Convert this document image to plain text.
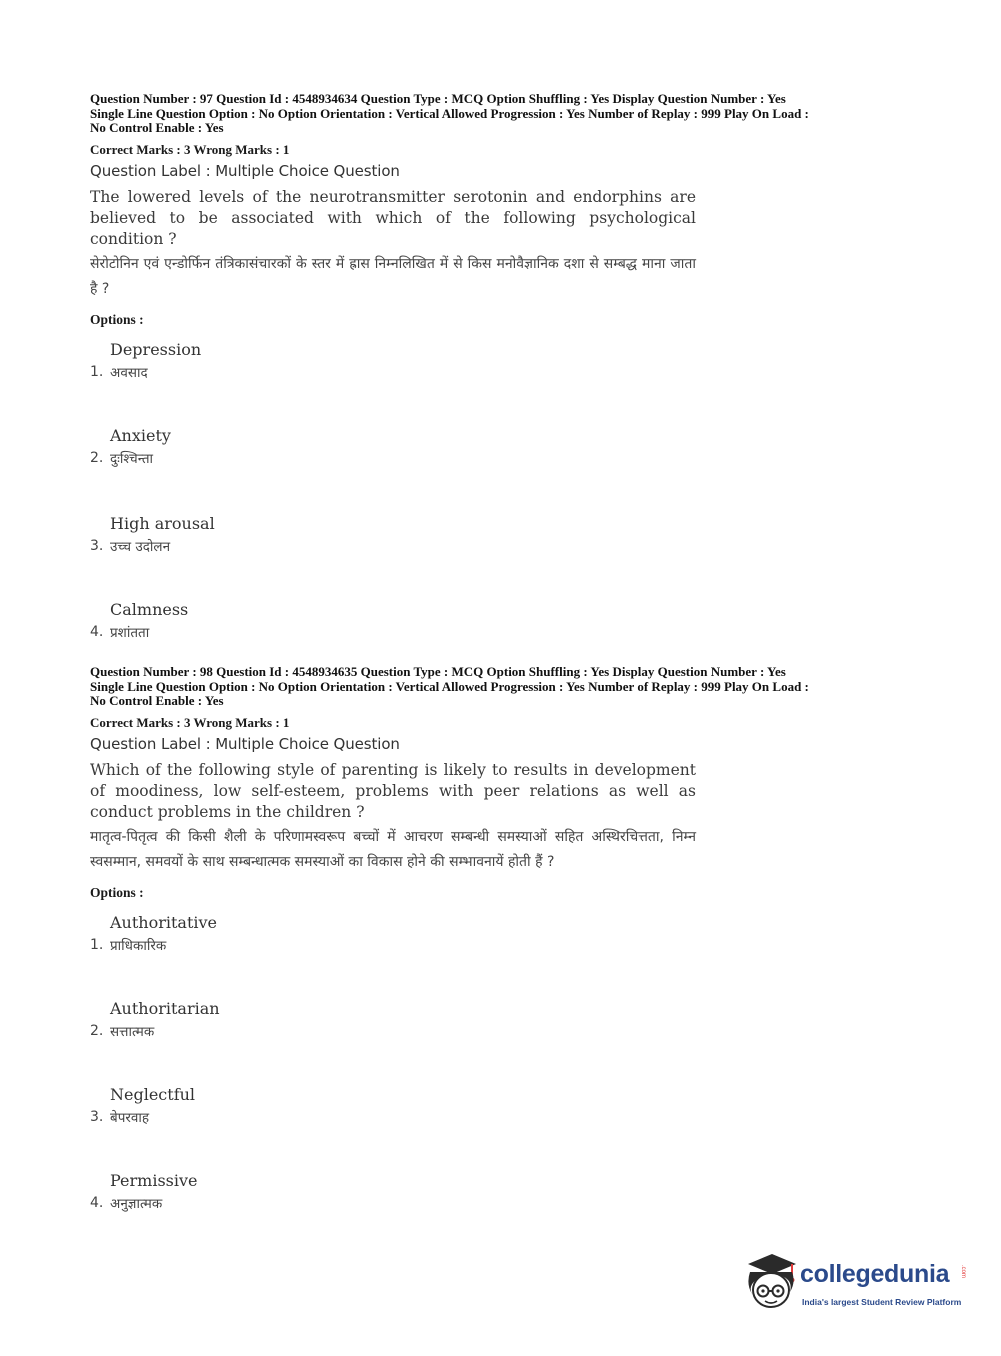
Question Number : 97 Question Id : 4548934634 Question Type : MCQ Option Shuffling : Yes Display Question Number : Yes
Single Line Question Option : No Option Orientation : Vertical Allowed Progression : Yes Number of Replay : 999 Play On Load :
No Control Enable : Yes
Correct Marks : 3 Wrong Marks : 1
Question Label : Multiple Choice Question
The lowered levels of the neurotransmitter serotonin and endorphins are believed to be associated with which of the following psychological condition ?
सेरोटोनिन एवं एन्डोर्फिन तंत्रिकासंचारकों के स्तर में ह्रास निम्नलिखित में से किस मनोवैज्ञानिक दशा से सम्बद्ध माना जाता है ?
Options :
Depression
अवसाद
1.
Anxiety
दुःश्चिन्ता
2.
High arousal
उच्च उदोलन
3.
Calmness
प्रशांतता
4.
Question Number : 98 Question Id : 4548934635 Question Type : MCQ Option Shuffling : Yes Display Question Number : Yes
Single Line Question Option : No Option Orientation : Vertical Allowed Progression : Yes Number of Replay : 999 Play On Load :
No Control Enable : Yes
Correct Marks : 3 Wrong Marks : 1
Question Label : Multiple Choice Question
Which of the following style of parenting is likely to results in development of moodiness, low self-esteem, problems with peer relations as well as conduct problems in the children ?
मातृत्व-पितृत्व की किसी शैली के परिणामस्वरूप बच्चों में आचरण सम्बन्धी समस्याओं सहित अस्थिरचित्तता, निम्न स्वसम्मान, समवयों के साथ सम्बन्धात्मक समस्याओं का विकास होने की सम्भावनायें होती हैं ?
Options :
Authoritative
प्राधिकारिक
1.
Authoritarian
सत्तात्मक
2.
Neglectful
बेपरवाह
3.
Permissive
अनुज्ञात्मक
4.
collegedunia .com
India's largest Student Review Platform
